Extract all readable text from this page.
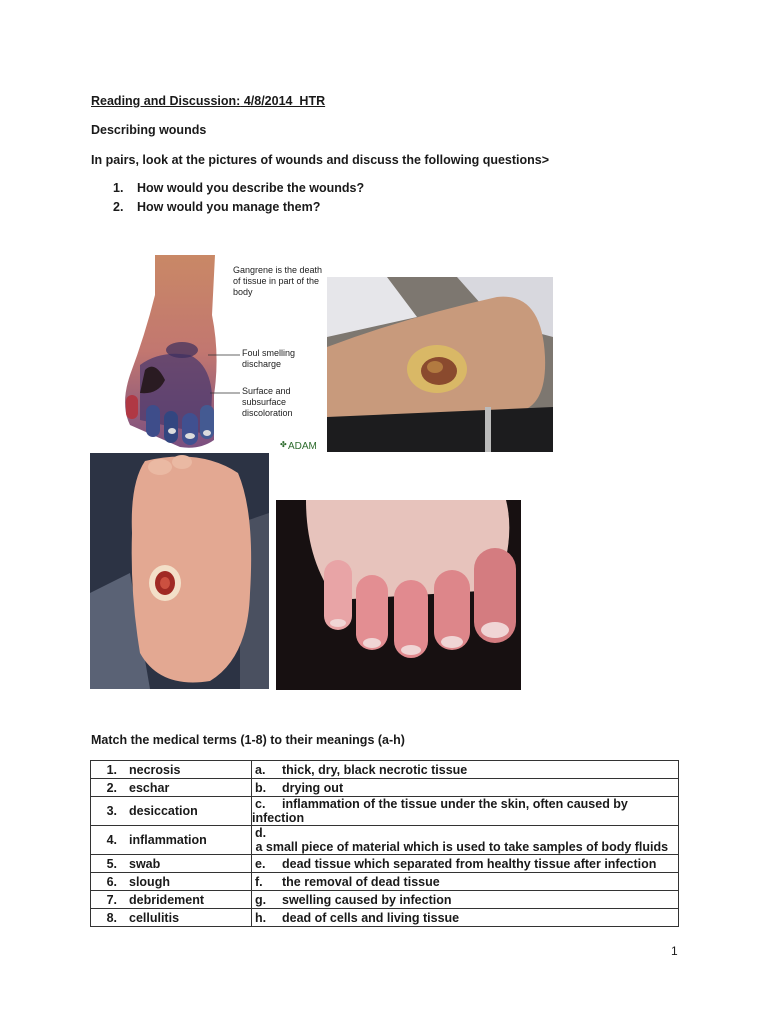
Reading and Discussion: 4/8/2014_HTR
Describing wounds
In pairs, look at the pictures of wounds and discuss the following questions>
1. How would you describe the wounds?
2. How would you manage them?
✤
Gangrene is the death of tissue in part of the body
Foul smelling discharge
Surface and subsurface discoloration
ADAM
Match the medical terms (1-8) to their meanings (a-h)
1. necrosis	a. thick, dry, black necrotic tissue
2. eschar	b. drying out
3. desiccation	c. inflammation of the tissue under the skin, often caused by infection
4. inflammation	d. a small piece of material which is used to take samples of body fluids
5. swab	e. dead tissue which separated from healthy tissue after infection
6. slough	f. the removal of dead tissue
7. debridement	g. swelling caused by infection
8. cellulitis	h. dead of cells and living tissue
1
